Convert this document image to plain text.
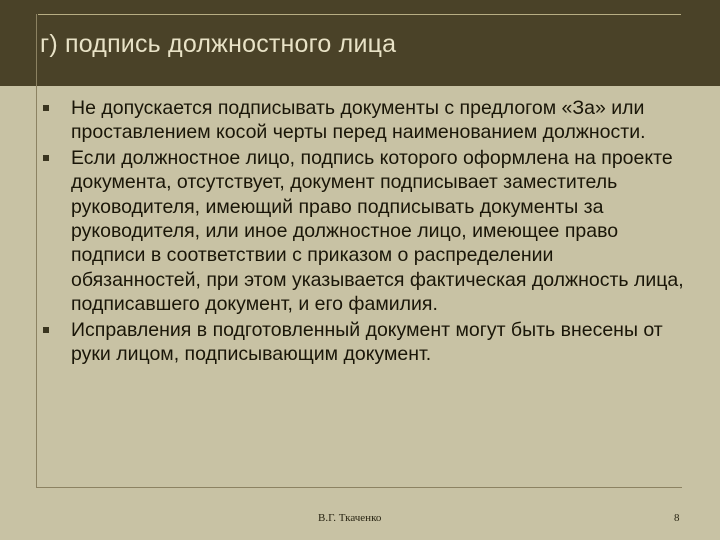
г) подпись должностного лица
Не допускается подписывать документы с предлогом «За» или проставлением косой черты перед наименованием должности.
Если должностное лицо, подпись которого оформлена на проекте документа, отсутствует, документ подписывает заместитель руководителя, имеющий право подписывать документы за руководителя, или иное должностное лицо, имеющее право подписи в соответствии с приказом о распределении обязанностей, при этом указывается фактическая должность лица, подписавшего документ, и его фамилия.
Исправления в подготовленный документ могут быть внесены от руки лицом, подписывающим документ.
В.Г. Ткаченко	8
